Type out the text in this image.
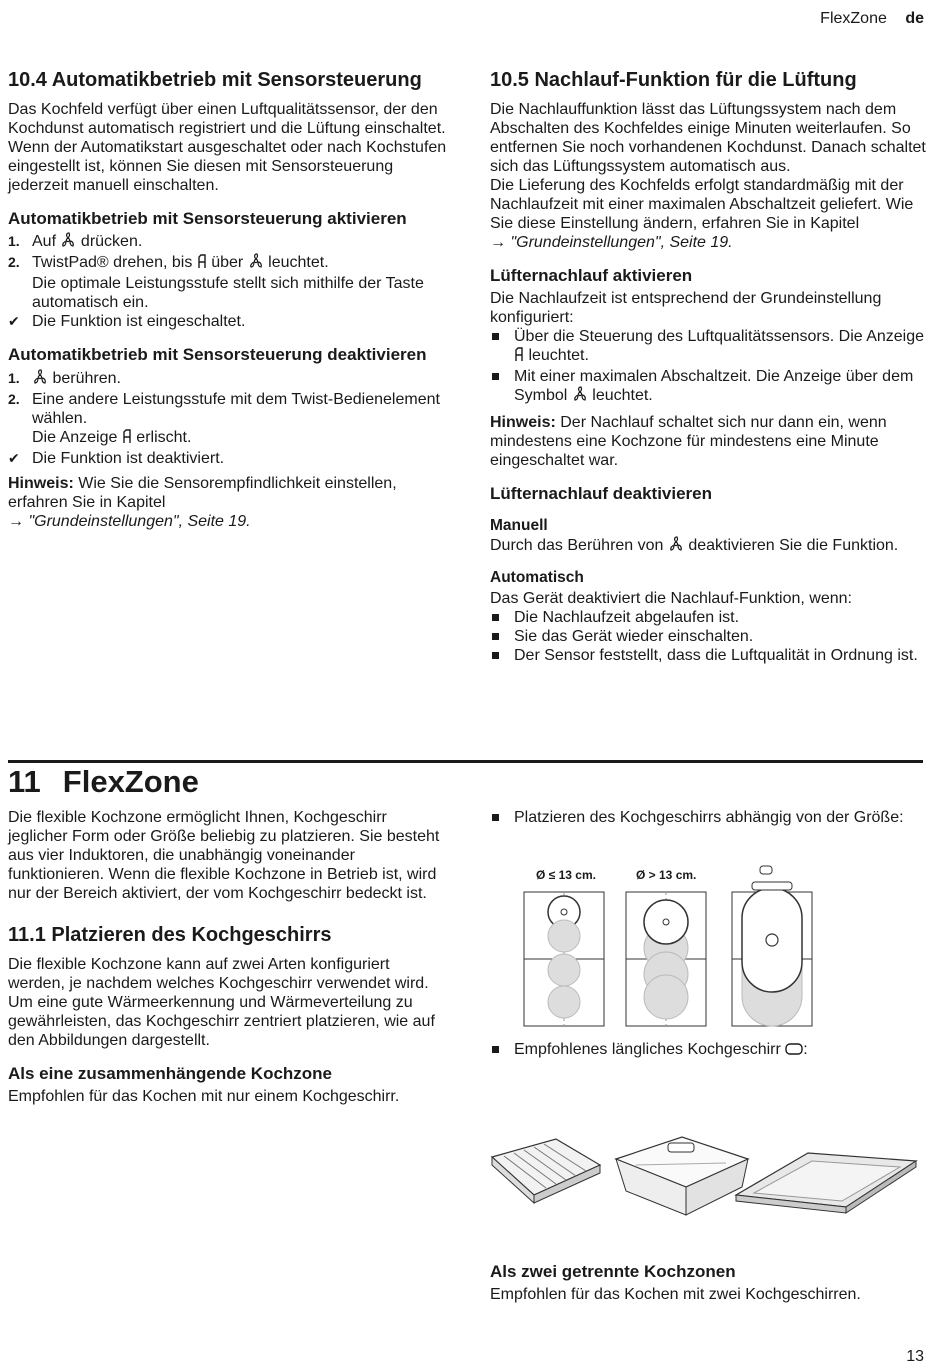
FlexZone de
10.4 Automatikbetrieb mit Sensorsteuerung

Das Kochfeld verfügt über einen Luftqualitätssensor, der den Kochdunst automatisch registriert und die Lüftung einschaltet. Wenn der Automatikstart ausgeschaltet oder nach Kochstufen eingestellt ist, können Sie diesen mit Sensorsteuerung jederzeit manuell einschalten.

Automatikbetrieb mit Sensorsteuerung aktivieren
1. Auf drücken.
2. TwistPad® drehen, bis über leuchtet.
Die optimale Leistungsstufe stellt sich mithilfe der Taste automatisch ein.
✔ Die Funktion ist eingeschaltet.
Automatikbetrieb mit Sensorsteuerung deaktivieren
1. berühren.
2. Eine andere Leistungsstufe mit dem Twist-Bedienelement wählen.
Die Anzeige erlischt.
✔ Die Funktion ist deaktiviert.

Hinweis: Wie Sie die Sensorempfindlichkeit einstellen, erfahren Sie in Kapitel
→ "Grundeinstellungen", Seite 19.

10.5 Nachlauf-Funktion für die Lüftung

Die Nachlauffunktion lässt das Lüftungssystem nach dem Abschalten des Kochfeldes einige Minuten weiterlaufen. So entfernen Sie noch vorhandenen Kochdunst. Danach schaltet sich das Lüftungssystem automatisch aus.

Die Lieferung des Kochfelds erfolgt standardmäßig mit der Nachlaufzeit mit einer maximalen Abschaltzeit geliefert. Wie Sie diese Einstellung ändern, erfahren Sie in Kapitel

→ "Grundeinstellungen", Seite 19.

Lüfternachlauf aktivieren

Die Nachlaufzeit ist entsprechend der Grundeinstellung konfiguriert:

Über die Steuerung des Luftqualitätssensors. Die Anzeige  leuchtet.
Mit einer maximalen Abschaltzeit. Die Anzeige über dem Symbol leuchtet.

Hinweis: Der Nachlauf schaltet sich nur dann ein, wenn mindestens eine Kochzone für mindestens eine Minute eingeschaltet war.

Lüfternachlauf deaktivieren
Manuell

Durch das Berühren von deaktivieren Sie die Funktion.

Automatisch

Das Gerät deaktiviert die Nachlauf-Funktion, wenn:

Die Nachlaufzeit abgelaufen ist.
Sie das Gerät wieder einschalten.
Der Sensor feststellt, dass die Luftqualität in Ordnung ist.
11 FlexZone

Die flexible Kochzone ermöglicht Ihnen, Kochgeschirr jeglicher Form oder Größe beliebig zu platzieren. Sie besteht aus vier Induktoren, die unabhängig voneinander funktionieren. Wenn die flexible Kochzone in Betrieb ist, wird nur der Bereich aktiviert, der vom Kochgeschirr bedeckt ist.

11.1 Platzieren des Kochgeschirrs

Die flexible Kochzone kann auf zwei Arten konfiguriert werden, je nachdem welches Kochgeschirr verwendet wird. Um eine gute Wärmeerkennung und Wärmeverteilung zu gewährleisten, das Kochgeschirr zentriert platzieren, wie auf den Abbildungen dargestellt.

Als eine zusammenhängende Kochzone

Empfohlen für das Kochen mit nur einem Kochgeschirr.

Platzieren des Kochgeschirrs abhängig von der Größe:
Ø ≤ 13 cm.	Ø > 13 cm.
Empfohlenes längliches Kochgeschirr :
Als zwei getrennte Kochzonen

Empfohlen für das Kochen mit zwei Kochgeschirren.

13
